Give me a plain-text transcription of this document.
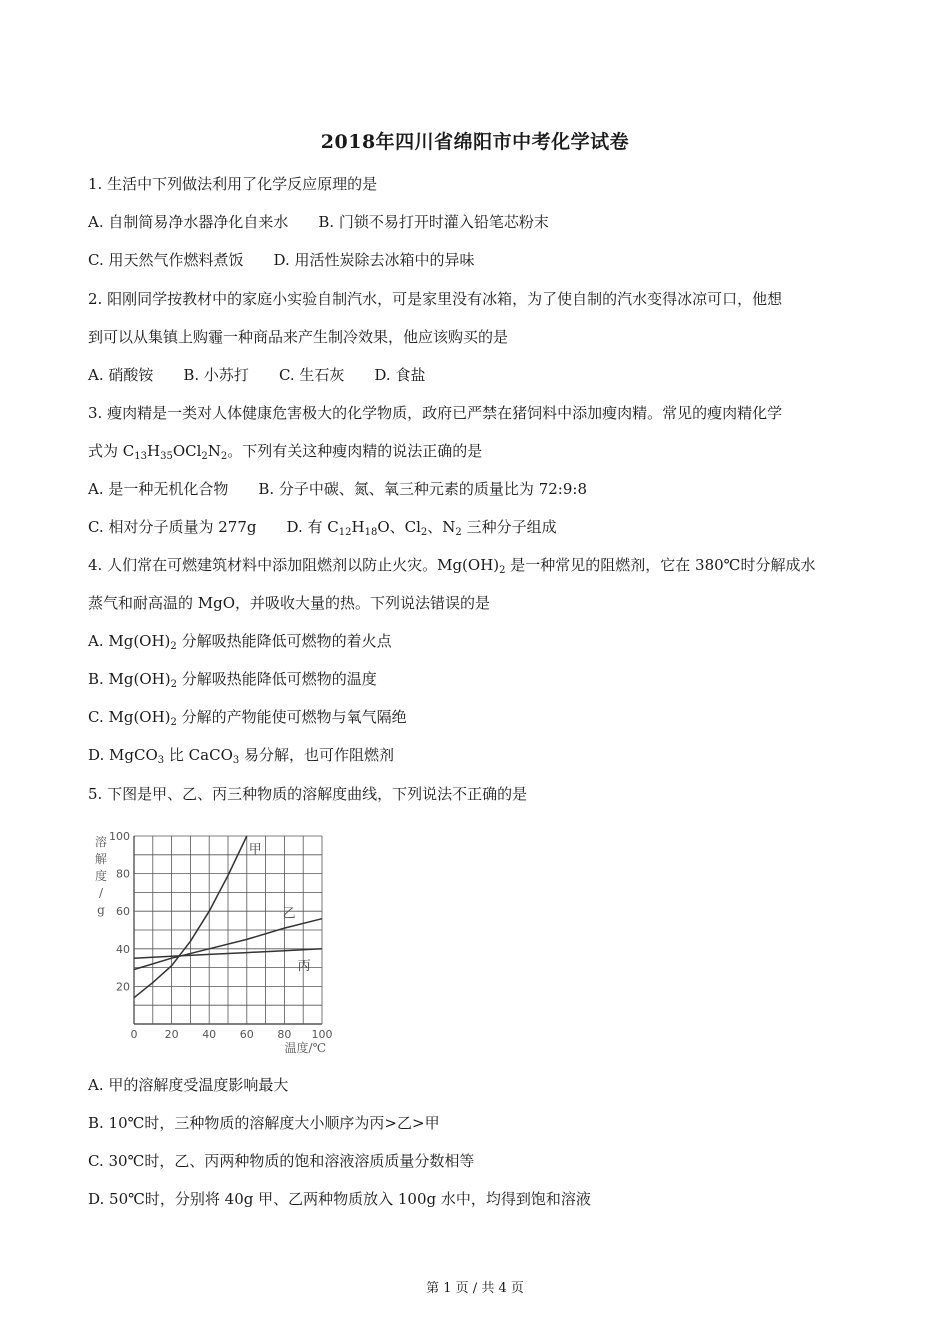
2018年四川省绵阳市中考化学试卷
1. 生活中下列做法利用了化学反应原理的是
A. 自制简易净水器净化自来水 B. 门锁不易打开时灌入铅笔芯粉末
C. 用天然气作燃料煮饭 D. 用活性炭除去冰箱中的异味
2. 阳刚同学按教材中的家庭小实验自制汽水，可是家里没有冰箱，为了使自制的汽水变得冰凉可口，他想
到可以从集镇上购霾一种商品来产生制冷效果，他应该购买的是
A. 硝酸铵 B. 小苏打 C. 生石灰 D. 食盐
3. 瘦肉精是一类对人体健康危害极大的化学物质，政府已严禁在猪饲料中添加瘦肉精。常见的瘦肉精化学
式为 $C_{13}H_{35}OCl_2N_2$。下列有关这种瘦肉精的说法正确的是
A. 是一种无机化合物 B. 分子中碳、氮、氧三种元素的质量比为 72:9:8
C. 相对分子质量为 277g D. 有 $C_{12}H_{18}O$、$Cl_2$、$N_2$ 三种分子组成
4. 人们常在可燃建筑材料中添加阻燃剂以防止火灾。$Mg(OH)_2$ 是一种常见的阻燃剂，它在 380℃时分解成水
蒸气和耐高温的 MgO，并吸收大量的热。下列说法错误的是
A. $Mg(OH)_2$ 分解吸热能降低可燃物的着火点
B. $Mg(OH)_2$ 分解吸热能降低可燃物的温度
C. $Mg(OH)_2$ 分解的产物能使可燃物与氧气隔绝
D. MgCO$_3$ 比 CaCO$_3$ 易分解，也可作阻燃剂
5. 下图是甲、乙、丙三种物质的溶解度曲线，下列说法不正确的是
甲
乙
丙
0 20 40 60 80 100
20
40
60
80
100
溶
解
度
/
g
温度/℃
A. 甲的溶解度受温度影响最大
B. 10℃时，三种物质的溶解度大小顺序为丙>乙>甲
C. 30℃时，乙、丙两种物质的饱和溶液溶质质量分数相等
D. 50℃时，分别将 40g 甲、乙两种物质放入 100g 水中，均得到饱和溶液
第 1 页 / 共 4 页
